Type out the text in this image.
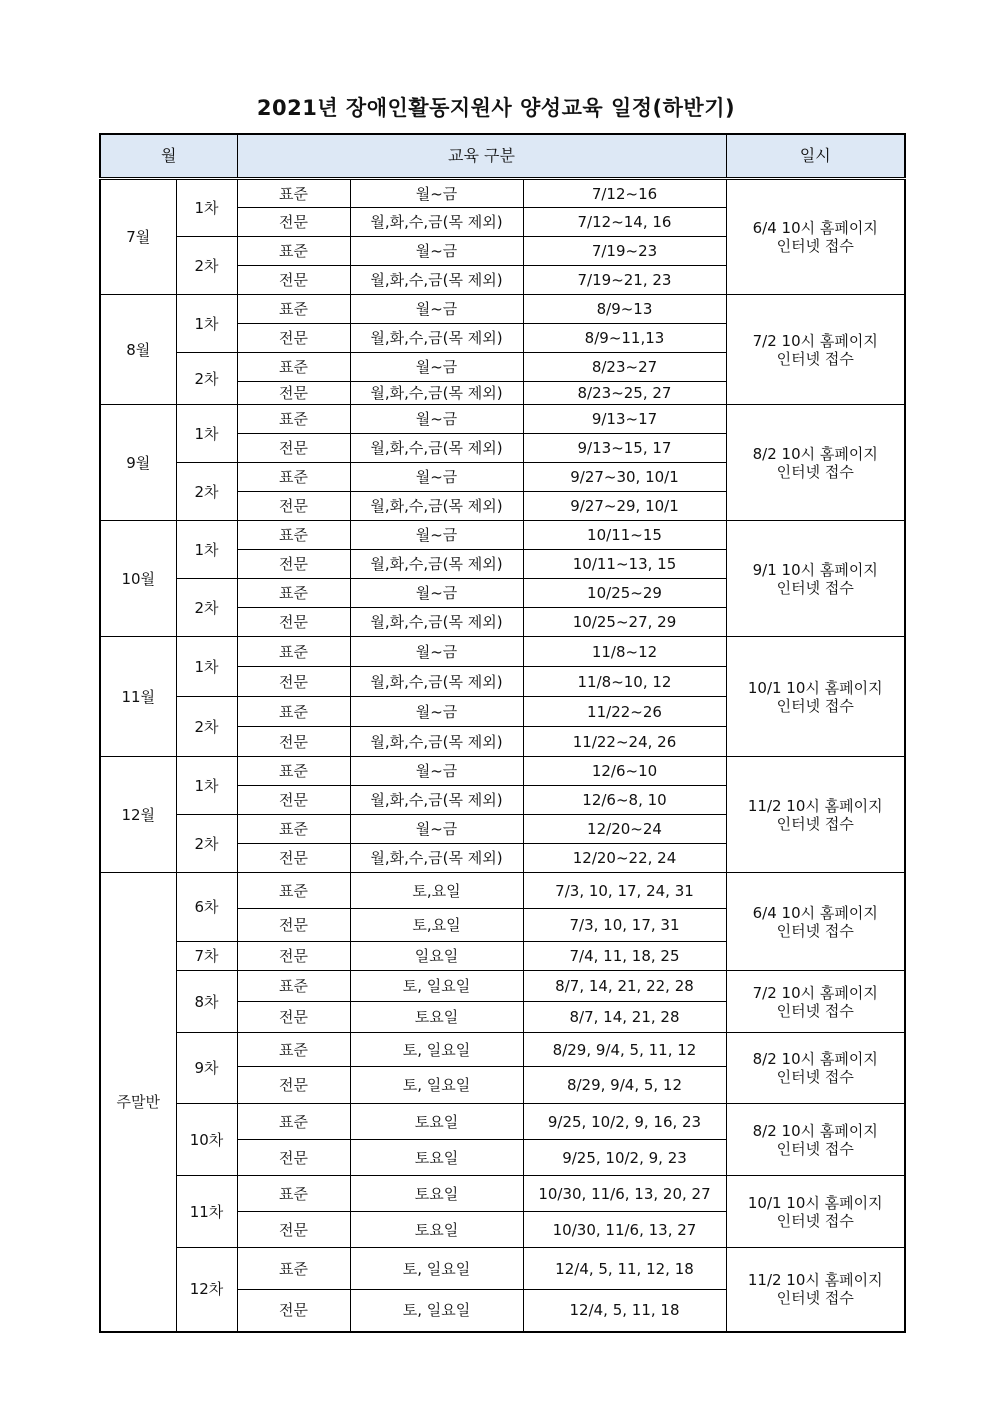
2021년 장애인활동지원사 양성교육 일정(하반기)
월		교육 구분			일시
7월	1차	표준	월~금	7/12~16	6/4 10시 홈페이지
인터넷 접수
		전문	월,화,수,금(목 제외)	7/12~14, 16	
	2차	표준	월~금	7/19~23	
		전문	월,화,수,금(목 제외)	7/19~21, 23	
8월	1차	표준	월~금	8/9~13	7/2 10시 홈페이지
인터넷 접수
		전문	월,화,수,금(목 제외)	8/9~11,13	
	2차	표준	월~금	8/23~27	
		전문	월,화,수,금(목 제외)	8/23~25, 27	
9월	1차	표준	월~금	9/13~17	8/2 10시 홈페이지
인터넷 접수
		전문	월,화,수,금(목 제외)	9/13~15, 17	
	2차	표준	월~금	9/27~30, 10/1	
		전문	월,화,수,금(목 제외)	9/27~29, 10/1	
10월	1차	표준	월~금	10/11~15	9/1 10시 홈페이지
인터넷 접수
		전문	월,화,수,금(목 제외)	10/11~13, 15	
	2차	표준	월~금	10/25~29	
		전문	월,화,수,금(목 제외)	10/25~27, 29	
11월	1차	표준	월~금	11/8~12	10/1 10시 홈페이지
인터넷 접수
		전문	월,화,수,금(목 제외)	11/8~10, 12	
	2차	표준	월~금	11/22~26	
		전문	월,화,수,금(목 제외)	11/22~24, 26	
12월	1차	표준	월~금	12/6~10	11/2 10시 홈페이지
인터넷 접수
		전문	월,화,수,금(목 제외)	12/6~8, 10	
	2차	표준	월~금	12/20~24	
		전문	월,화,수,금(목 제외)	12/20~22, 24	
주말반	6차	표준	토,요일	7/3, 10, 17, 24, 31	6/4 10시 홈페이지
인터넷 접수
		전문	토,요일	7/3, 10, 17, 31	
	7차	전문	일요일	7/4, 11, 18, 25	
	8차	표준	토, 일요일	8/7, 14, 21, 22, 28	7/2 10시 홈페이지
인터넷 접수
		전문	토요일	8/7, 14, 21, 28	
	9차	표준	토, 일요일	8/29, 9/4, 5, 11, 12	8/2 10시 홈페이지
인터넷 접수
		전문	토, 일요일	8/29, 9/4, 5, 12	
	10차	표준	토요일	9/25, 10/2, 9, 16, 23	8/2 10시 홈페이지
인터넷 접수
		전문	토요일	9/25, 10/2, 9, 23	
	11차	표준	토요일	10/30, 11/6, 13, 20, 27	10/1 10시 홈페이지
인터넷 접수
		전문	토요일	10/30, 11/6, 13, 27	
	12차	표준	토, 일요일	12/4, 5, 11, 12, 18	11/2 10시 홈페이지
인터넷 접수
		전문	토, 일요일	12/4, 5, 11, 18	
